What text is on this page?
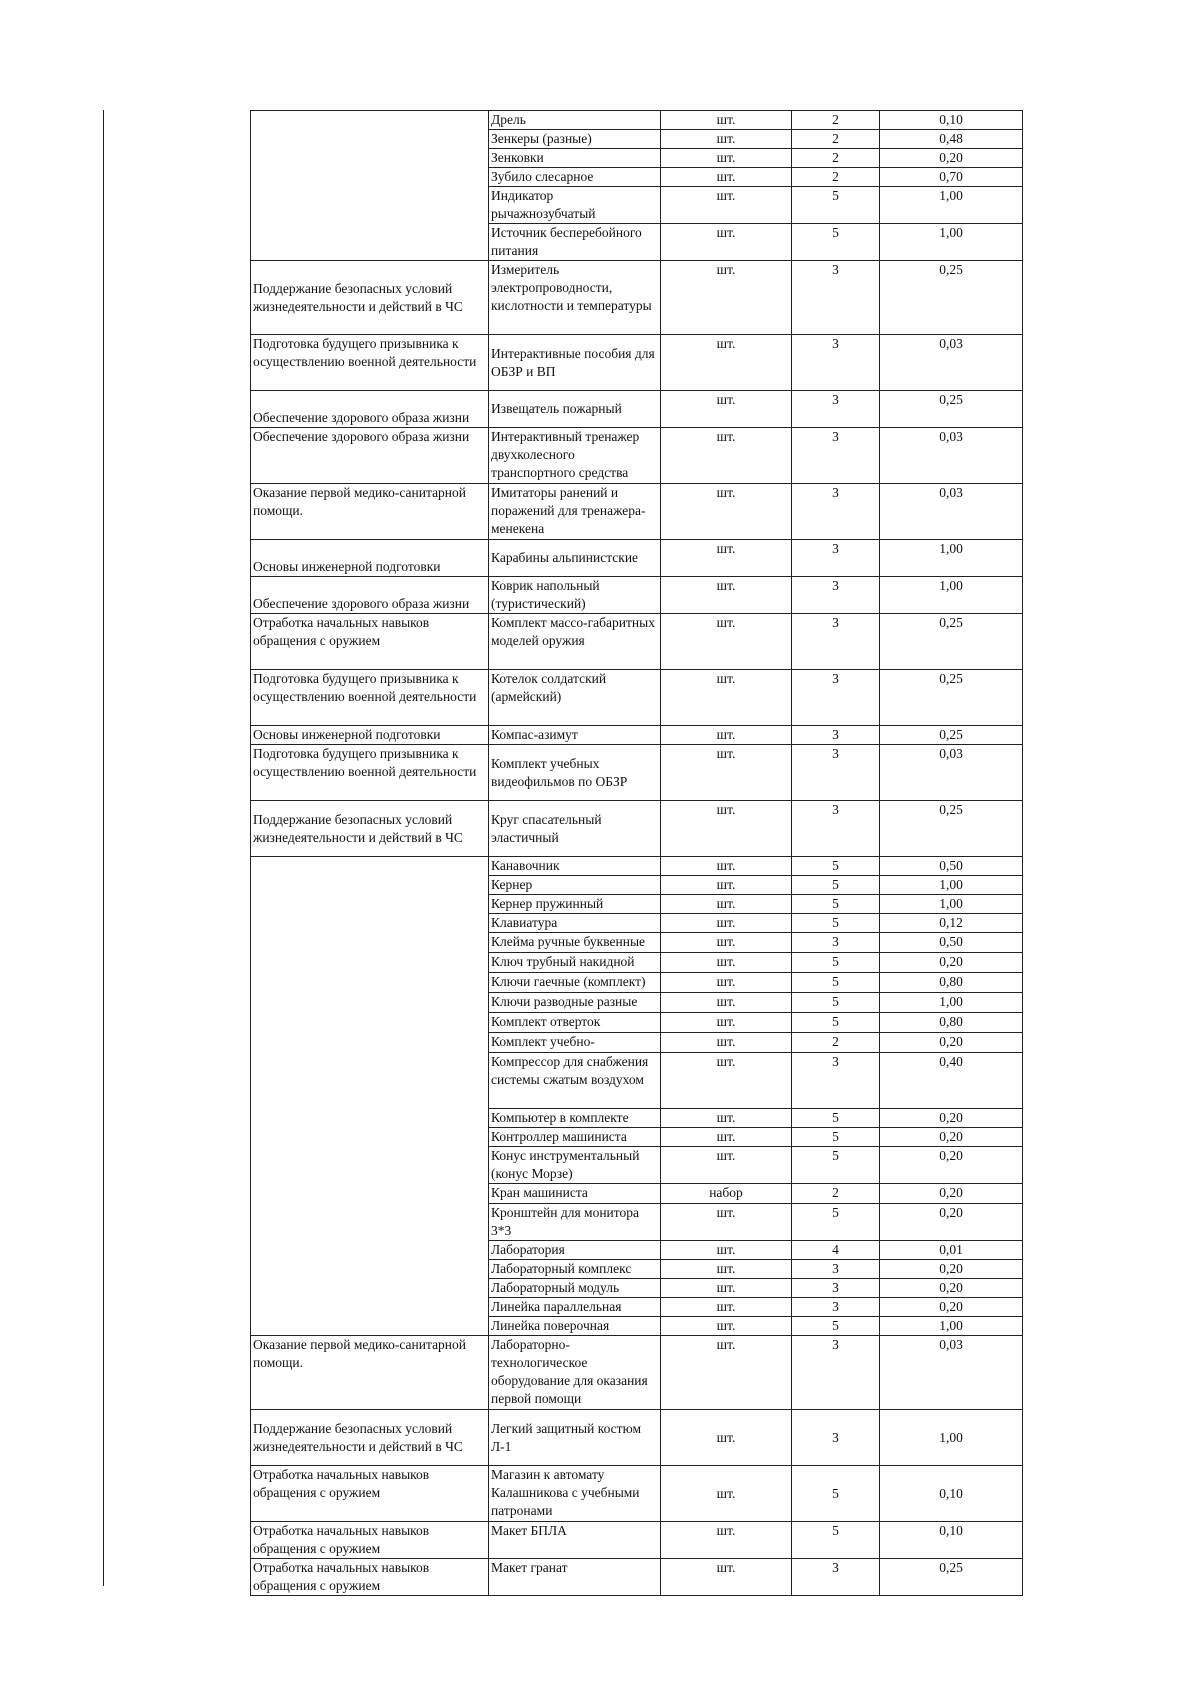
	Дрель	шт.	2	0,10
	Зенкеры (разные)	шт.	2	0,48
	Зенковки	шт.	2	0,20
	Зубило слесарное	шт.	2	0,70
	Индикатор рычажнозубчатый	шт.	5	1,00
	Источник бесперебойного питания	шт.	5	1,00
Поддержание безопасных условий жизнедеятельности и действий в ЧС	Измеритель электропроводности, кислотности и температуры	шт.	3	0,25
Подготовка будущего призывника к осуществлению военной деятельности	Интерактивные пособия для ОБЗР и ВП	шт.	3	0,03
Обеспечение здорового образа жизни	Извещатель пожарный	шт.	3	0,25
Обеспечение здорового образа жизни	Интерактивный тренажер двухколесного транспортного средства	шт.	3	0,03
Оказание первой медико-санитарной помощи.	Имитаторы ранений и поражений для тренажера-менекена	шт.	3	0,03
Основы инженерной подготовки	Карабины альпинистские	шт.	3	1,00
Обеспечение здорового образа жизни	Коврик напольный (туристический)	шт.	3	1,00
Отработка начальных навыков обращения с оружием	Комплект массо-габаритных моделей оружия	шт.	3	0,25
Подготовка будущего призывника к осуществлению военной деятельности	Котелок солдатский (армейский)	шт.	3	0,25
Основы инженерной подготовки	Компас-азимут	шт.	3	0,25
Подготовка будущего призывника к осуществлению военной деятельности	Комплект учебных видеофильмов по ОБЗР	шт.	3	0,03
Поддержание безопасных условий жизнедеятельности и действий в ЧС	Круг спасательный эластичный	шт.	3	0,25
	Канавочник	шт.	5	0,50
	Кернер	шт.	5	1,00
	Кернер пружинный	шт.	5	1,00
	Клавиатура	шт.	5	0,12
	Клейма ручные буквенные	шт.	3	0,50
	Ключ трубный накидной	шт.	5	0,20
	Ключи гаечные (комплект)	шт.	5	0,80
	Ключи разводные разные	шт.	5	1,00
	Комплект отверток	шт.	5	0,80
	Комплект учебно-	шт.	2	0,20
	Компрессор для снабжения системы сжатым воздухом	шт.	3	0,40
	Компьютер в комплекте	шт.	5	0,20
	Контроллер машиниста	шт.	5	0,20
	Конус инструментальный (конус Морзе)	шт.	5	0,20
	Кран машиниста	набор	2	0,20
	Кронштейн для монитора 3*3	шт.	5	0,20
	Лаборатория	шт.	4	0,01
	Лабораторный комплекс	шт.	3	0,20
	Лабораторный модуль	шт.	3	0,20
	Линейка параллельная	шт.	3	0,20
	Линейка поверочная	шт.	5	1,00
Оказание первой медико-санитарной помощи.	Лабораторно-технологическое оборудование для оказания первой помощи	шт.	3	0,03
Поддержание безопасных условий жизнедеятельности и действий в ЧС	Легкий защитный костюм Л-1	шт.	3	1,00
Отработка начальных навыков обращения с оружием	Магазин к автомату Калашникова с учебными патронами	шт.	5	0,10
Отработка начальных навыков обращения с оружием	Макет БПЛА	шт.	5	0,10
Отработка начальных навыков обращения с оружием	Макет гранат	шт.	3	0,25
